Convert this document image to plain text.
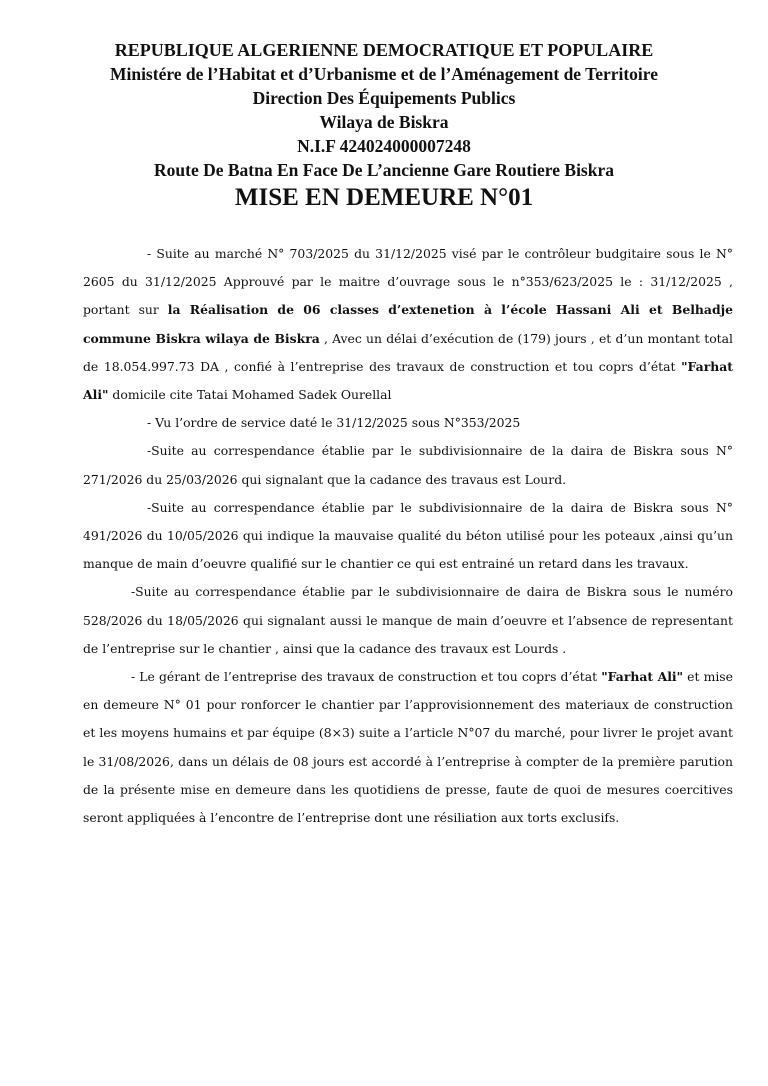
REPUBLIQUE ALGERIENNE DEMOCRATIQUE ET POPULAIRE
Ministére de l’Habitat et d’Urbanisme et de l’Aménagement de Territoire
Direction Des Équipements Publics
Wilaya de Biskra
N.I.F 424024000007248
Route De Batna En Face De L’ancienne Gare Routiere Biskra
MISE EN DEMEURE N°01

- Suite au marché N° 703/2025 du 31/12/2025 visé par le contrôleur budgitaire sous le N° 2605 du 31/12/2025 Approuvé par le maitre d’ouvrage sous le n°353/623/2025 le : 31/12/2025 , portant sur la Réalisation de 06 classes d’extenetion à l’école Hassani Ali et Belhadje commune Biskra wilaya de Biskra , Avec un délai d’exécution de (179) jours , et d’un montant total de 18.054.997.73 DA , confié à l’entreprise des travaux de construction et tou coprs d’état "Farhat Ali" domicile cite Tatai Mohamed Sadek Ourellal

- Vu l’ordre de service daté le 31/12/2025 sous N°353/2025

-Suite au correspendance établie par le subdivisionnaire de la daira de Biskra sous N° 271/2026 du 25/03/2026 qui signalant que la cadance des travaus est Lourd.

-Suite au correspendance établie par le subdivisionnaire de la daira de Biskra sous N° 491/2026 du 10/05/2026 qui indique la mauvaise qualité du béton utilisé pour les poteaux ,ainsi qu’un manque de main d’oeuvre qualifié sur le chantier ce qui est entrainé un retard dans les travaux.

-Suite au correspendance établie par le subdivisionnaire de daira de Biskra sous le numéro 528/2026 du 18/05/2026 qui signalant aussi le manque de main d’oeuvre et l’absence de representant de l’entreprise sur le chantier , ainsi que la cadance des travaux est Lourds .

- Le gérant de l’entreprise des travaux de construction et tou coprs d’état "Farhat Ali" et mise en demeure N° 01 pour ronforcer le chantier par l’approvisionnement des materiaux de construction et les moyens humains et par équipe (8×3) suite a l’article N°07 du marché, pour livrer le projet avant le 31/08/2026, dans un délais de 08 jours est accordé à l’entreprise à compter de la première parution de la présente mise en demeure dans les quotidiens de presse, faute de quoi de mesures coercitives seront appliquées à l’encontre de l’entreprise dont une résiliation aux torts exclusifs.
